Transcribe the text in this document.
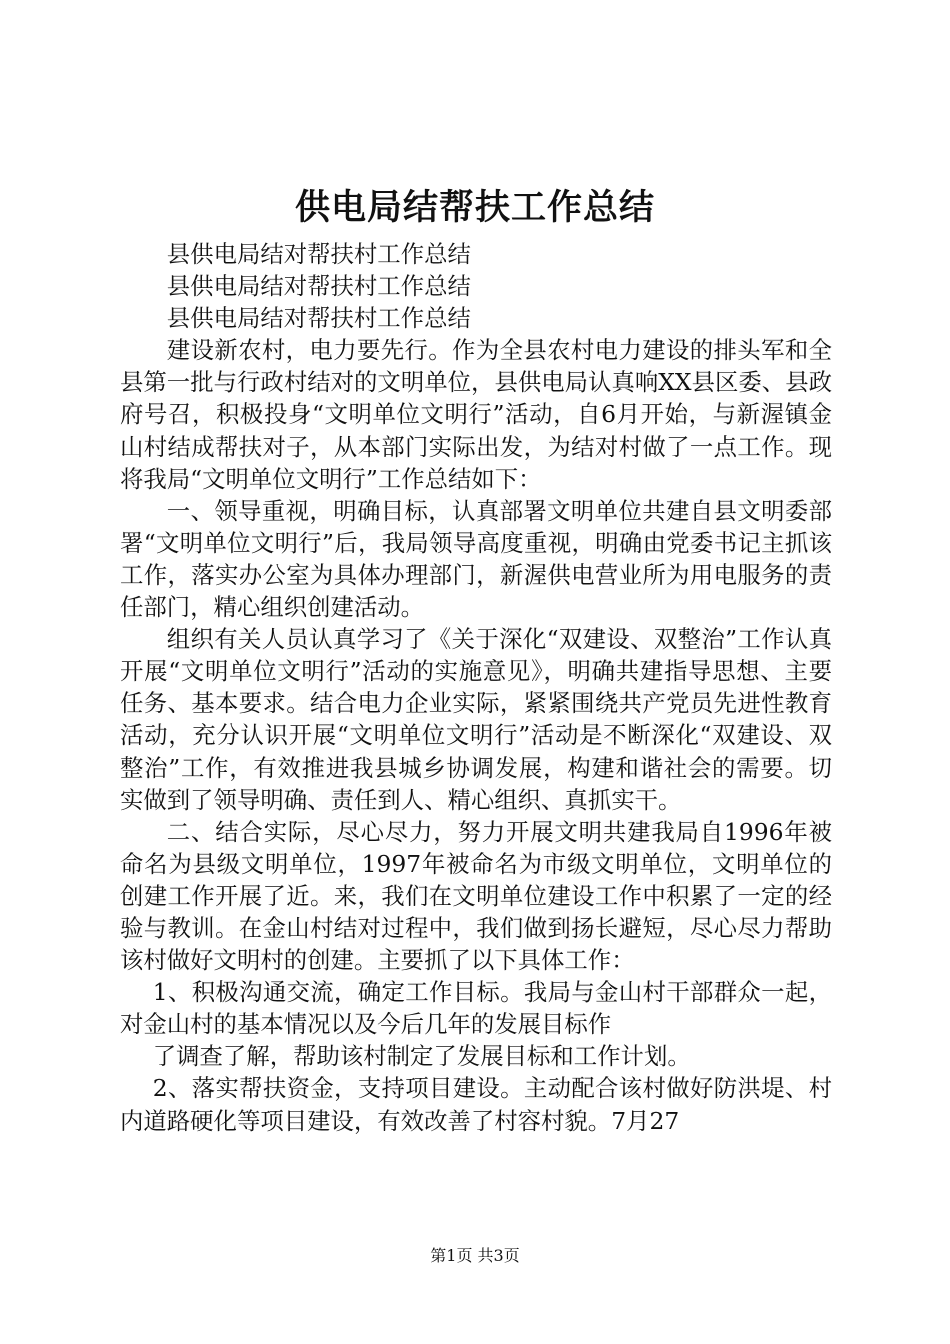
供电局结帮扶工作总结

县供电局结对帮扶村工作总结

县供电局结对帮扶村工作总结

县供电局结对帮扶村工作总结

建设新农村，电力要先行。作为全县农村电力建设的排头军和全县第一批与行政村结对的文明单位，县供电局认真响XX县区委、县政府号召，积极投身“文明单位文明行”活动，自6月开始，与新渥镇金山村结成帮扶对子，从本部门实际出发，为结对村做了一点工作。现将我局“文明单位文明行”工作总结如下：

一、领导重视，明确目标，认真部署文明单位共建自县文明委部署“文明单位文明行”后，我局领导高度重视，明确由党委书记主抓该工作，落实办公室为具体办理部门，新渥供电营业所为用电服务的责任部门，精心组织创建活动。

组织有关人员认真学习了《关于深化“双建设、双整治”工作认真开展“文明单位文明行”活动的实施意见》，明确共建指导思想、主要任务、基本要求。结合电力企业实际，紧紧围绕共产党员先进性教育活动，充分认识开展“文明单位文明行”活动是不断深化“双建设、双整治”工作，有效推进我县城乡协调发展，构建和谐社会的需要。切实做到了领导明确、责任到人、精心组织、真抓实干。

二、结合实际，尽心尽力，努力开展文明共建我局自1996年被命名为县级文明单位，1997年被命名为市级文明单位，文明单位的创建工作开展了近。来，我们在文明单位建设工作中积累了一定的经验与教训。在金山村结对过程中，我们做到扬长避短，尽心尽力帮助该村做好文明村的创建。主要抓了以下具体工作：

1、积极沟通交流，确定工作目标。我局与金山村干部群众一起，对金山村的基本情况以及今后几年的发展目标作

了调查了解，帮助该村制定了发展目标和工作计划。

2、落实帮扶资金，支持项目建设。主动配合该村做好防洪堤、村内道路硬化等项目建设，有效改善了村容村貌。7月27

第1页 共3页
